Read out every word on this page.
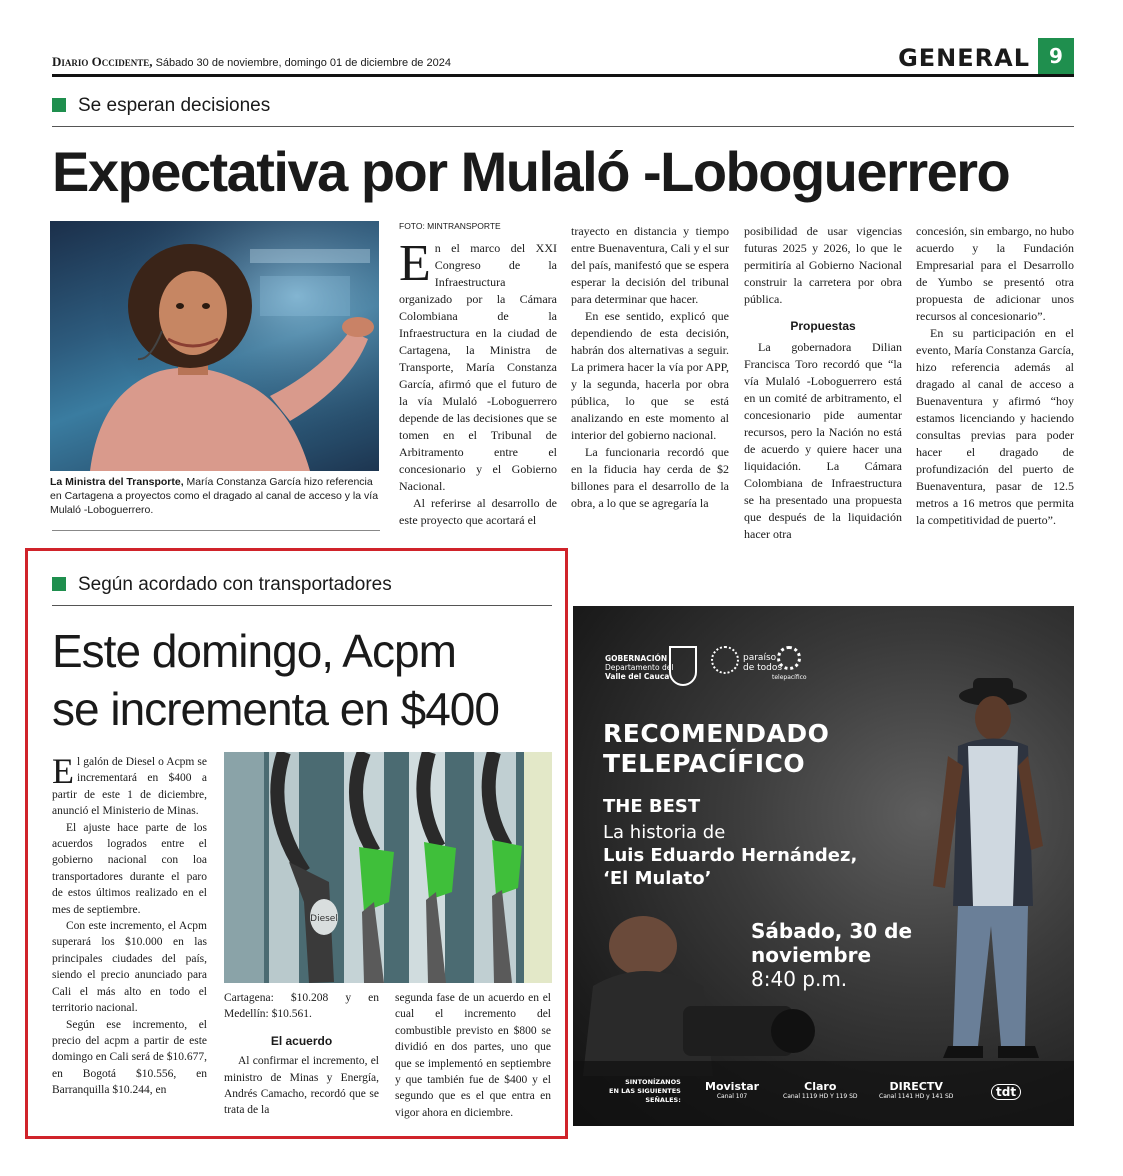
Diario Occidente, Sábado 30 de noviembre, domingo 01 de diciembre de 2024	GENERAL 9
Se esperan decisiones
Expectativa por Mulaló -Loboguerrero
La Ministra del Transporte, María Constanza García hizo referencia en Cartagena a proyectos como el dragado al canal de acceso y la vía Mulaló -Loboguerrero.
FOTO: MINTRANSPORTE

En el marco del XXI Congreso de la Infraestructura organizado por la Cámara Colombiana de la Infraestructura en la ciudad de Cartagena, la Ministra de Transporte, María Constanza García, afirmó que el futuro de la vía Mulaló -Loboguerrero depende de las decisiones que se tomen en el Tribunal de Arbitramento entre el concesionario y el Gobierno Nacional.

Al referirse al desarrollo de este proyecto que acortará el

trayecto en distancia y tiempo entre Buenaventura, Cali y el sur del país, manifestó que se espera esperar la decisión del tribunal para determinar que hacer.

En ese sentido, explicó que dependiendo de esta decisión, habrán dos alternativas a seguir. La primera hacer la vía por APP, y la segunda, hacerla por obra pública, lo que se está analizando en este momento al interior del gobierno nacional.

La funcionaria recordó que en la fiducia hay cerda de $2 billones para el desarrollo de la obra, a lo que se agregaría la

posibilidad de usar vigencias futuras 2025 y 2026, lo que le permitiría al Gobierno Nacional construir la carretera por obra pública.

Propuestas

La gobernadora Dilian Francisca Toro recordó que “la vía Mulaló -Loboguerrero está en un comité de arbitramento, el concesionario pide aumentar recursos, pero la Nación no está de acuerdo y quiere hacer una liquidación. La Cámara Colombiana de Infraestructura se ha presentado una propuesta que después de la liquidación hacer otra

concesión, sin embargo, no hubo acuerdo y la Fundación Empresarial para el Desarrollo de Yumbo se presentó otra propuesta de adicionar unos recursos al concesionario”.

En su participación en el evento, María Constanza García, hizo referencia además al dragado al canal de acceso a Buenaventura y afirmó “hoy estamos licenciando y haciendo consultas previas para poder hacer el dragado de profundización del puerto de Buenaventura, pasar de 12.5 metros a 16 metros que permita la competitividad de puerto”.

Según acordado con transportadores
Este domingo, Acpm
se incrementa en $400

El galón de Diesel o Acpm se incrementará en $400 a partir de este 1 de diciembre, anunció el Ministerio de Minas.

El ajuste hace parte de los acuerdos logrados entre el gobierno nacional con loa transportadores durante el paro de estos últimos realizado en el mes de septiembre.

Con este incremento, el Acpm superará los $10.000 en las principales ciudades del país, siendo el precio anunciado para Cali el más alto en todo el territorio nacional.

Según ese incremento, el precio del acpm a partir de este domingo en Cali será de $10.677, en Bogotá $10.556, en Barranquilla $10.244, en

Diesel

Cartagena: $10.208 y en Medellín: $10.561.

El acuerdo

Al confirmar el incremento, el ministro de Minas y Energía, Andrés Camacho, recordó que se trata de la

segunda fase de un acuerdo en el cual el incremento del combustible previsto en $800 se dividió en dos partes, uno que que se implementó en septiembre y que también fue de $400 y el segundo que es el que entra en vigor ahora en diciembre.

GOBERNACIÓN
Departamento del
Valle del Cauca
paraíso
de todos
telepacífico
RECOMENDADO
TELEPACÍFICO
THE BEST
La historia de
Luis Eduardo Hernández,
‘El Mulato’
Sábado, 30 de
noviembre
8:40 p.m.
SINTONÍZANOS
EN LAS SIGUIENTES
SEÑALES:
Movistar
Canal 107
Claro
Canal 1119 HD Y 119 SD
DIRECTV
Canal 1141 HD y 141 SD	tdt
